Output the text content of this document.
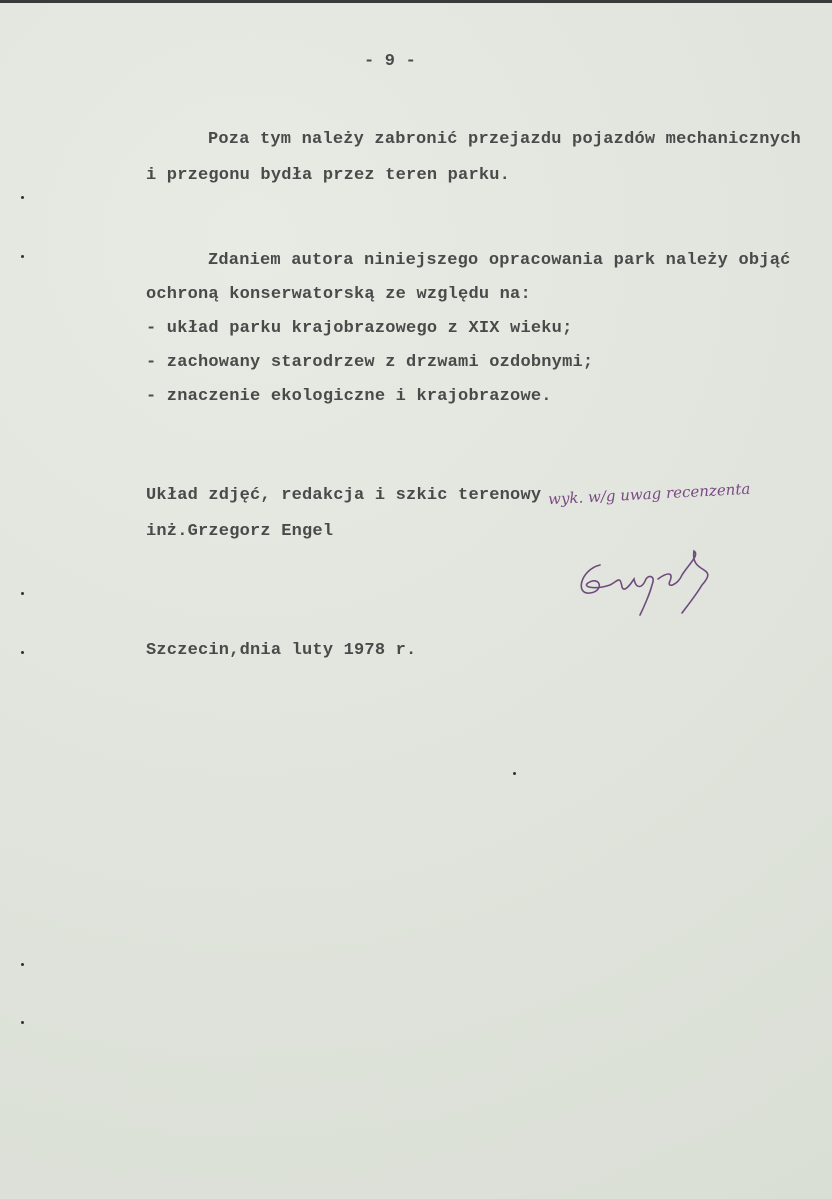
- 9 -
Poza tym należy zabronić przejazdu pojazdów mechanicznych
i przegonu bydła przez teren parku.
Zdaniem autora niniejszego opracowania park należy objąć
ochroną konserwatorską ze względu na:
- układ parku krajobrazowego z XIX wieku;
- zachowany starodrzew z drzwami ozdobnymi;
- znaczenie ekologiczne i krajobrazowe.
Układ zdjęć, redakcja i szkic terenowy wyk. w/g uwag recenzenta
inż.Grzegorz Engel
Szczecin,dnia luty 1978 r.
